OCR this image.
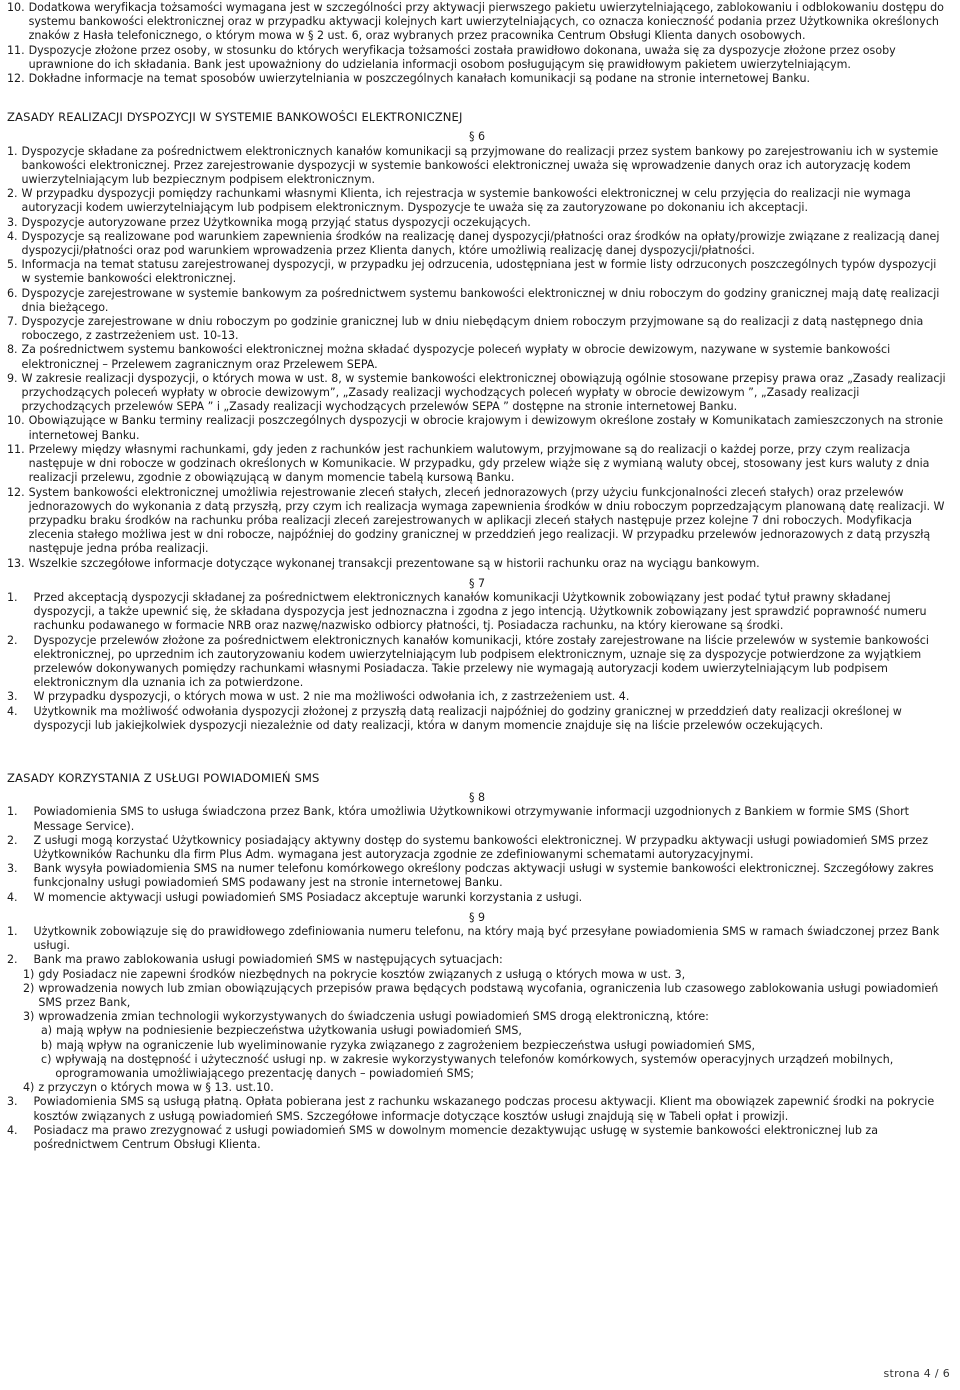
10. Dodatkowa weryfikacja tożsamości wymagana jest w szczególności przy aktywacji pierwszego pakietu uwierzytelniającego, zablokowaniu i odblokowaniu dostępu do systemu bankowości elektronicznej oraz w przypadku aktywacji kolejnych kart uwierzytelniających, co oznacza konieczność podania przez Użytkownika określonych znaków z Hasła telefonicznego, o którym mowa w § 2 ust. 6, oraz wybranych przez pracownika Centrum Obsługi Klienta danych osobowych.
11. Dyspozycje złożone przez osoby, w stosunku do których weryfikacja tożsamości została prawidłowo dokonana, uważa się za dyspozycje złożone przez osoby uprawnione do ich składania. Bank jest upoważniony do udzielania informacji osobom posługującym się prawidłowym pakietem uwierzytelniającym.
12. Dokładne informacje na temat sposobów uwierzytelniania w poszczególnych kanałach komunikacji są podane na stronie internetowej Banku.
ZASADY REALIZACJI DYSPOZYCJI W SYSTEMIE BANKOWOŚCI ELEKTRONICZNEJ
§ 6
1. Dyspozycje składane za pośrednictwem elektronicznych kanałów komunikacji są przyjmowane do realizacji przez system bankowy po zarejestrowaniu ich w systemie bankowości elektronicznej. Przez zarejestrowanie dyspozycji w systemie bankowości elektronicznej uważa się wprowadzenie danych oraz ich autoryzację kodem uwierzytelniającym lub bezpiecznym podpisem elektronicznym.
2. W przypadku dyspozycji pomiędzy rachunkami własnymi Klienta, ich rejestracja w systemie bankowości elektronicznej w celu przyjęcia do realizacji nie wymaga autoryzacji kodem uwierzytelniającym lub podpisem elektronicznym. Dyspozycje te uważa się za zautoryzowane po dokonaniu ich akceptacji.
3. Dyspozycje autoryzowane przez Użytkownika mogą przyjąć status dyspozycji oczekujących.
4. Dyspozycje są realizowane pod warunkiem zapewnienia środków na realizację danej dyspozycji/płatności oraz środków na opłaty/prowizje związane z realizacją danej dyspozycji/płatności oraz pod warunkiem wprowadzenia przez Klienta danych, które umożliwią realizację danej dyspozycji/płatności.
5. Informacja na temat statusu zarejestrowanej dyspozycji, w przypadku jej odrzucenia, udostępniana jest w formie listy odrzuconych poszczególnych typów dyspozycji w systemie bankowości elektronicznej.
6. Dyspozycje zarejestrowane w systemie bankowym za pośrednictwem systemu bankowości elektronicznej w dniu roboczym do godziny granicznej mają datę realizacji dnia bieżącego.
7. Dyspozycje zarejestrowane w dniu roboczym po godzinie granicznej lub w dniu niebędącym dniem roboczym przyjmowane są do realizacji z datą następnego dnia roboczego, z zastrzeżeniem ust. 10-13.
8. Za pośrednictwem systemu bankowości elektronicznej można składać dyspozycje poleceń wypłaty w obrocie dewizowym, nazywane w systemie bankowości elektronicznej – Przelewem zagranicznym oraz Przelewem SEPA.
9. W zakresie realizacji dyspozycji, o których mowa w ust. 8, w systemie bankowości elektronicznej obowiązują ogólnie stosowane przepisy prawa oraz „Zasady realizacji przychodzących poleceń wypłaty w obrocie dewizowym”, „Zasady realizacji wychodzących poleceń wypłaty w obrocie dewizowym ”, „Zasady realizacji przychodzących przelewów SEPA ” i „Zasady realizacji wychodzących przelewów SEPA ” dostępne na stronie internetowej Banku.
10. Obowiązujące w Banku terminy realizacji poszczególnych dyspozycji w obrocie krajowym i dewizowym określone zostały w Komunikatach zamieszczonych na stronie internetowej Banku.
11. Przelewy między własnymi rachunkami, gdy jeden z rachunków jest rachunkiem walutowym, przyjmowane są do realizacji o każdej porze, przy czym realizacja następuje w dni robocze w godzinach określonych w Komunikacie. W przypadku, gdy przelew wiąże się z wymianą waluty obcej, stosowany jest kurs waluty z dnia realizacji przelewu, zgodnie z obowiązującą w danym momencie tabelą kursową Banku.
12. System bankowości elektronicznej umożliwia rejestrowanie zleceń stałych, zleceń jednorazowych (przy użyciu funkcjonalności zleceń stałych) oraz przelewów jednorazowych do wykonania z datą przyszłą, przy czym ich realizacja wymaga zapewnienia środków w dniu roboczym poprzedzającym planowaną datę realizacji. W przypadku braku środków na rachunku próba realizacji zleceń zarejestrowanych w aplikacji zleceń stałych następuje przez kolejne 7 dni roboczych. Modyfikacja zlecenia stałego możliwa jest w dni robocze, najpóźniej do godziny granicznej w przeddzień jego realizacji. W przypadku przelewów jednorazowych z datą przyszłą następuje jedna próba realizacji.
13. Wszelkie szczegółowe informacje dotyczące wykonanej transakcji prezentowane są w historii rachunku oraz na wyciągu bankowym.
§ 7
1.	Przed akceptacją dyspozycji składanej za pośrednictwem elektronicznych kanałów komunikacji Użytkownik zobowiązany jest podać tytuł prawny składanej dyspozycji, a także upewnić się, że składana dyspozycja jest jednoznaczna i zgodna z jego intencją. Użytkownik zobowiązany jest sprawdzić poprawność numeru rachunku podawanego w formacie NRB oraz nazwę/nazwisko odbiorcy płatności, tj. Posiadacza rachunku, na który kierowane są środki.
2.	Dyspozycje przelewów złożone za pośrednictwem elektronicznych kanałów komunikacji, które zostały zarejestrowane na liście przelewów w systemie bankowości elektronicznej, po uprzednim ich zautoryzowaniu kodem uwierzytelniającym lub podpisem elektronicznym, uznaje się za dyspozycje potwierdzone za wyjątkiem przelewów dokonywanych pomiędzy rachunkami własnymi Posiadacza. Takie przelewy nie wymagają autoryzacji kodem uwierzytelniającym lub podpisem elektronicznym dla uznania ich za potwierdzone.
3.	W przypadku dyspozycji, o których mowa w ust. 2 nie ma możliwości odwołania ich, z zastrzeżeniem ust. 4.
4.	Użytkownik ma możliwość odwołania dyspozycji złożonej z przyszłą datą realizacji najpóźniej do godziny granicznej w przeddzień daty realizacji określonej w dyspozycji lub jakiejkolwiek dyspozycji niezależnie od daty realizacji, która w danym momencie znajduje się na liście przelewów oczekujących.
ZASADY KORZYSTANIA Z USŁUGI POWIADOMIEŃ SMS
§ 8
1.	Powiadomienia SMS to usługa świadczona przez Bank, która umożliwia Użytkownikowi otrzymywanie informacji uzgodnionych z Bankiem w formie SMS (Short Message Service).
2.	Z usługi mogą korzystać Użytkownicy posiadający aktywny dostęp do systemu bankowości elektronicznej. W przypadku aktywacji usługi powiadomień SMS przez Użytkowników Rachunku dla firm Plus Adm. wymagana jest autoryzacja zgodnie ze zdefiniowanymi schematami autoryzacyjnymi.
3.	Bank wysyła powiadomienia SMS na numer telefonu komórkowego określony podczas aktywacji usługi w systemie bankowości elektronicznej. Szczegółowy zakres funkcjonalny usługi powiadomień SMS podawany jest na stronie internetowej Banku.
4.	W momencie aktywacji usługi powiadomień SMS Posiadacz akceptuje warunki korzystania z usługi.
§ 9
1.	Użytkownik zobowiązuje się do prawidłowego zdefiniowania numeru telefonu, na który mają być przesyłane powiadomienia SMS w ramach świadczonej przez Bank usługi.
2.	Bank ma prawo zablokowania usługi powiadomień SMS w następujących sytuacjach:
1) gdy Posiadacz nie zapewni środków niezbędnych na pokrycie kosztów związanych z usługą o których mowa w ust. 3,
2) wprowadzenia nowych lub zmian obowiązujących przepisów prawa będących podstawą wycofania, ograniczenia lub czasowego zablokowania usługi powiadomień SMS przez Bank,
3) wprowadzenia zmian technologii wykorzystywanych do świadczenia usługi powiadomień SMS drogą elektroniczną, które:
a) mają wpływ na podniesienie bezpieczeństwa użytkowania usługi powiadomień SMS,
b) mają wpływ na ograniczenie lub wyeliminowanie ryzyka związanego z zagrożeniem bezpieczeństwa usługi powiadomień SMS,
c) wpływają na dostępność i użyteczność usługi np. w zakresie wykorzystywanych telefonów komórkowych, systemów operacyjnych urządzeń mobilnych, oprogramowania umożliwiającego prezentację danych – powiadomień SMS;
4) z przyczyn o których mowa w § 13. ust.10.
3.	Powiadomienia SMS są usługą płatną. Opłata pobierana jest z rachunku wskazanego podczas procesu aktywacji. Klient ma obowiązek zapewnić środki na pokrycie kosztów związanych z usługą powiadomień SMS. Szczegółowe informacje dotyczące kosztów usługi znajdują się w Tabeli opłat i prowizji.
4.	Posiadacz ma prawo zrezygnować z usługi powiadomień SMS w dowolnym momencie dezaktywując usługę w systemie bankowości elektronicznej lub za pośrednictwem Centrum Obsługi Klienta.
strona 4 / 6
